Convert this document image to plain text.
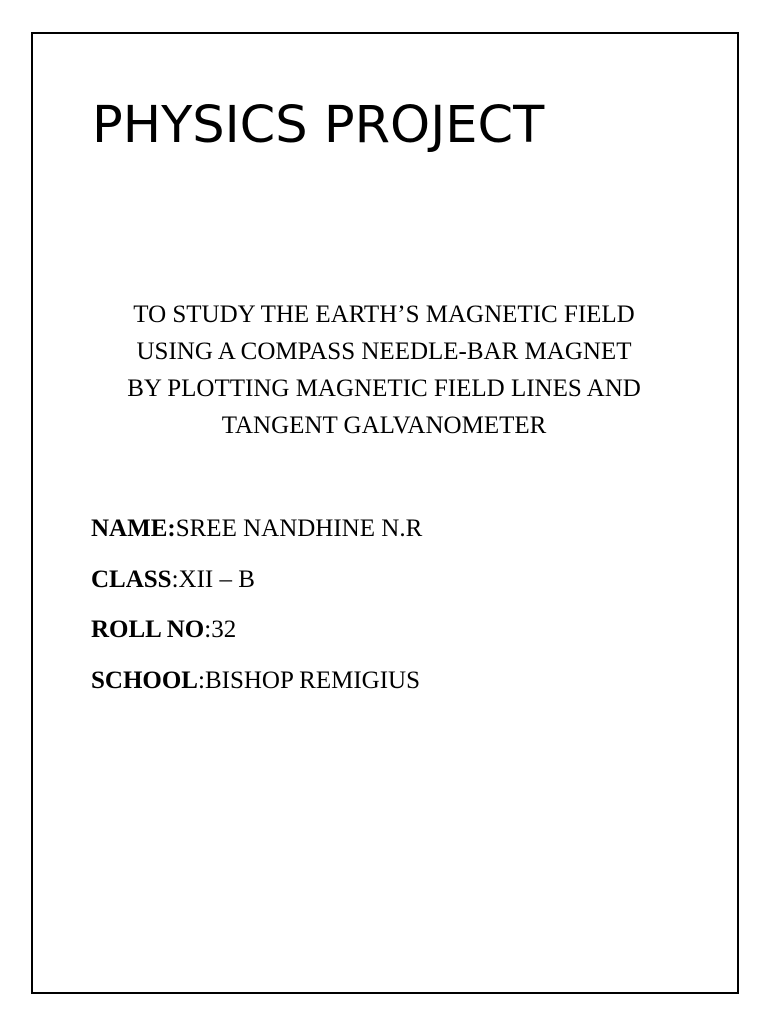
PHYSICS PROJECT

TO STUDY THE EARTH’S MAGNETIC FIELD
USING A COMPASS NEEDLE-BAR MAGNET
BY PLOTTING MAGNETIC FIELD LINES AND
TANGENT GALVANOMETER

NAME:SREE NANDHINE N.R
CLASS:XII – B
ROLL NO:32
SCHOOL:BISHOP REMIGIUS
